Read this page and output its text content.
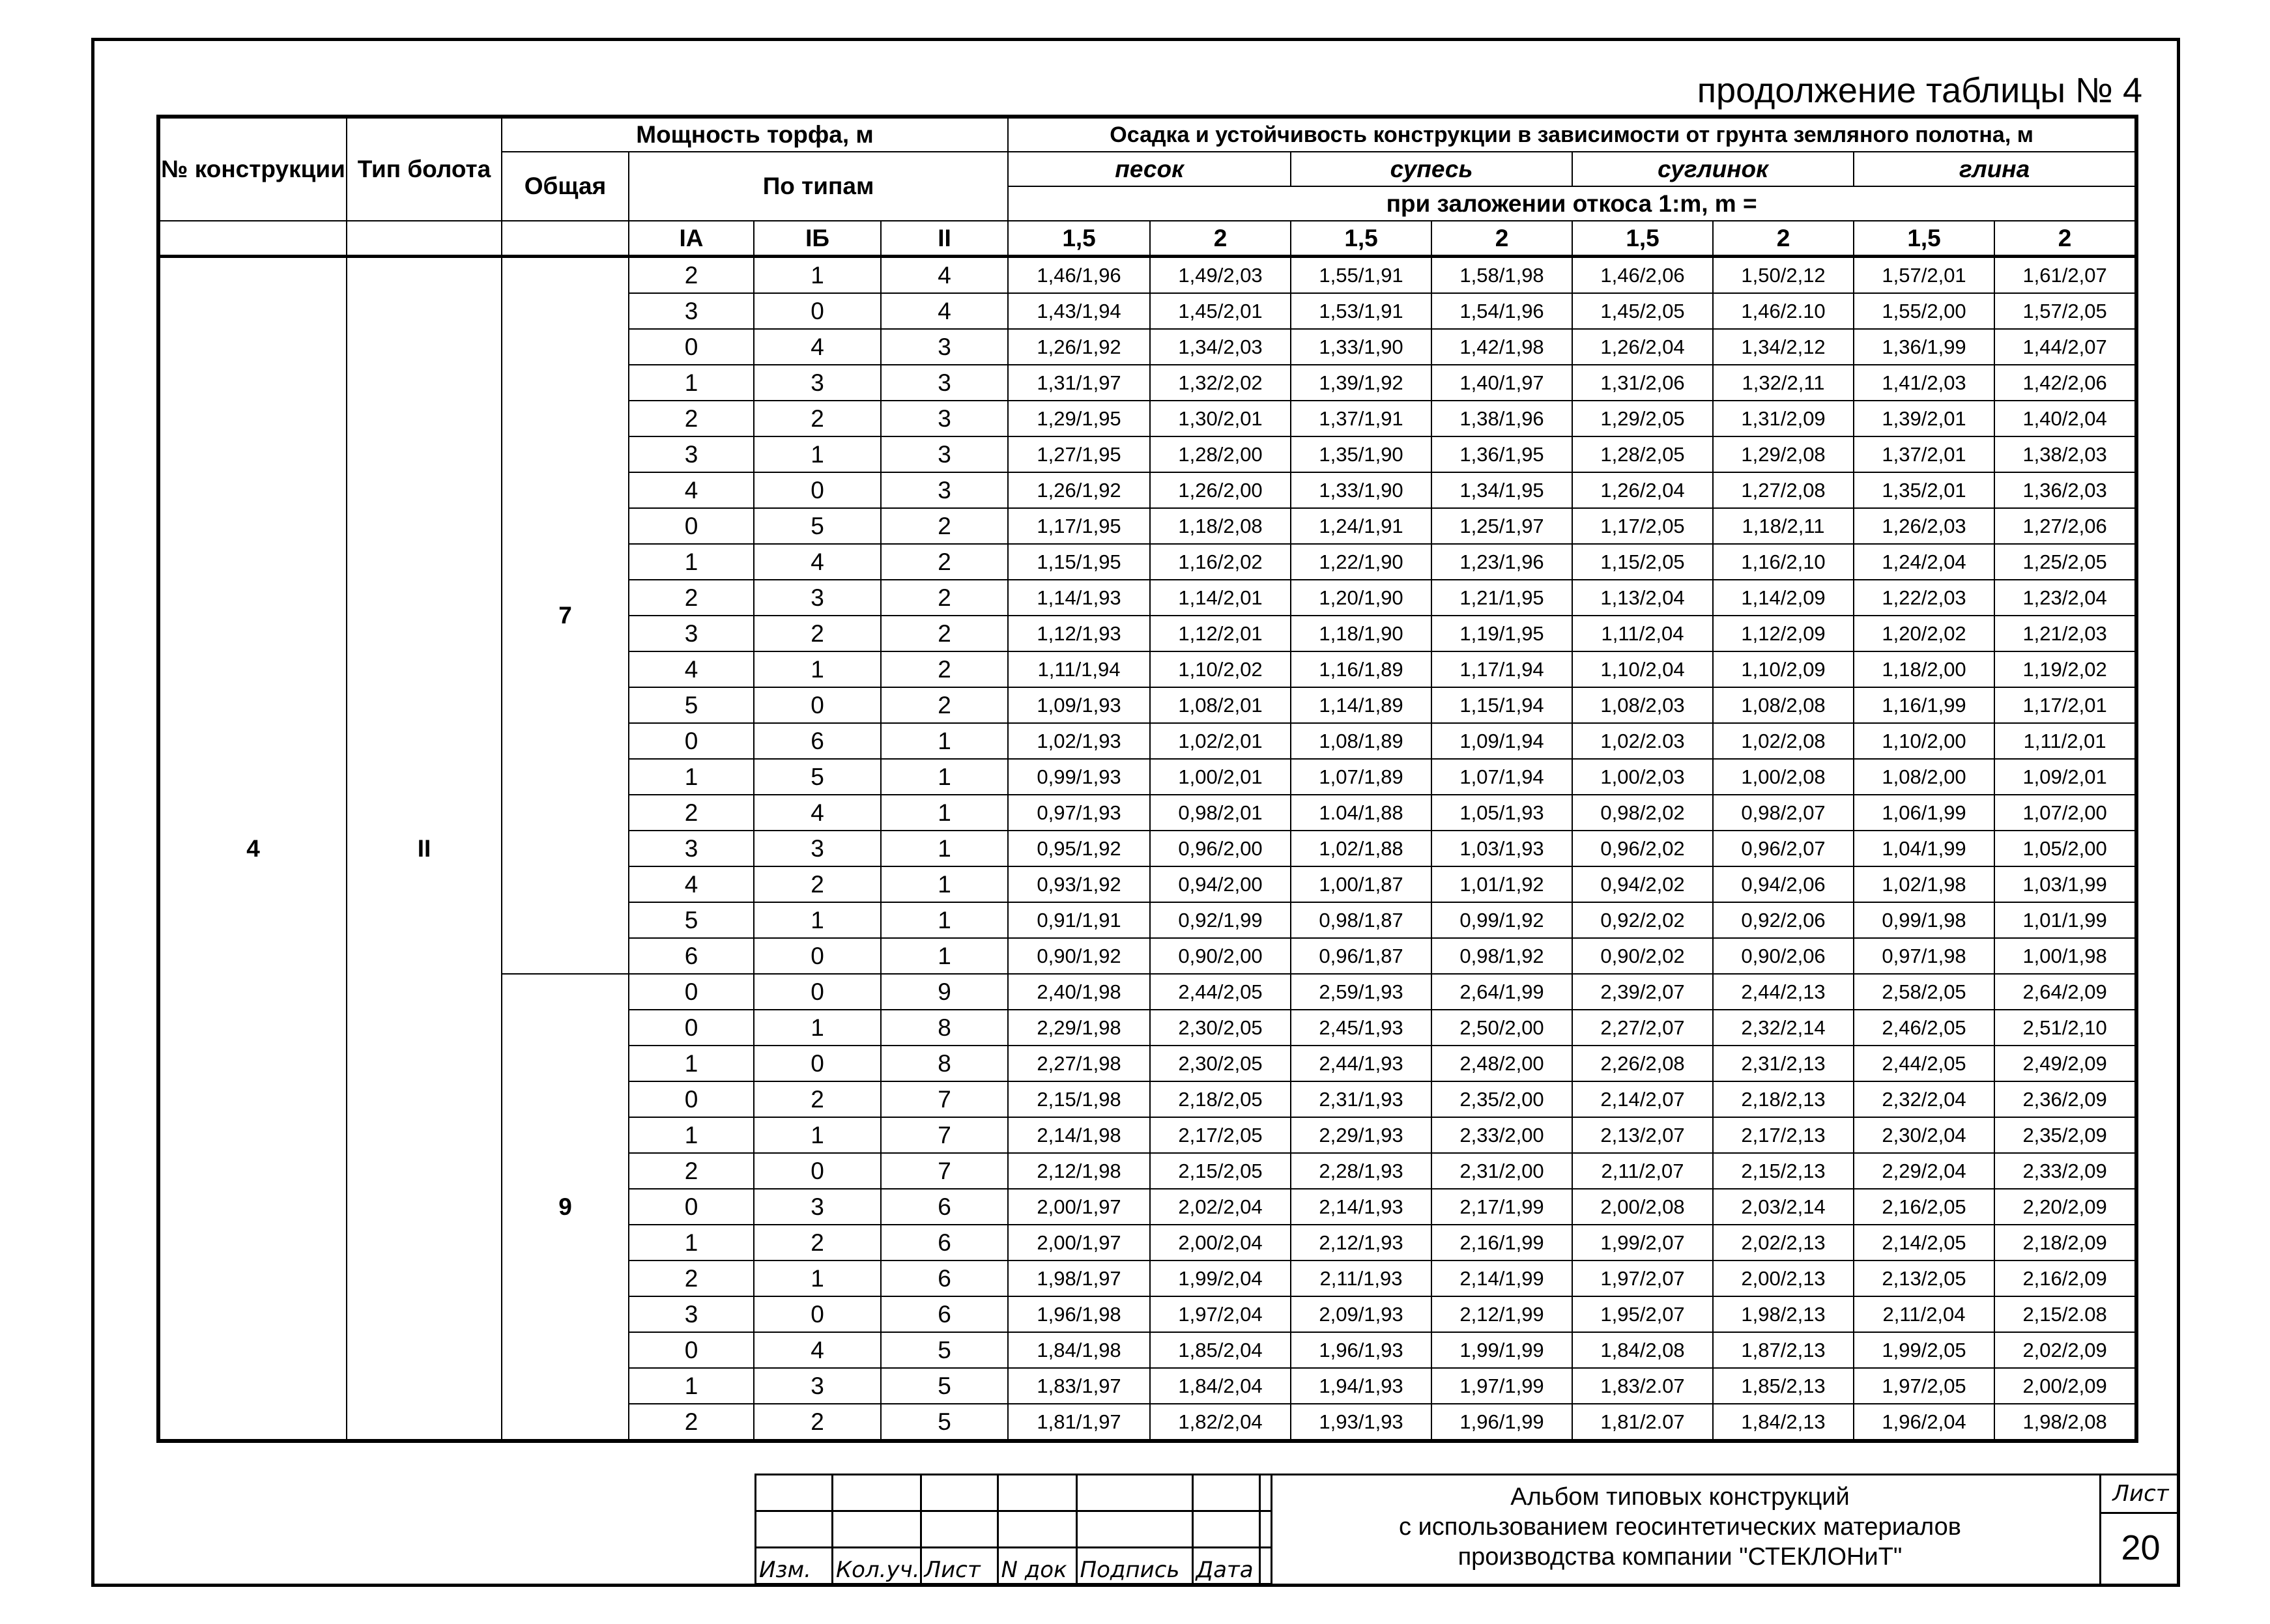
продолжение таблицы № 4
№ конструкции	Тип болота	Мощность торфа, м				Осадка и устойчивость конструкции в зависимости от грунта земляного полотна, м							
		Общая	По типам			песок		супесь		суглинок		глина	
						при заложении откоса 1:m, m =							
			IA	IБ	II	1,5	2	1,5	2	1,5	2	1,5	2
4	II	7	2	1	4	1,46/1,96	1,49/2,03	1,55/1,91	1,58/1,98	1,46/2,06	1,50/2,12	1,57/2,01	1,61/2,07
			3	0	4	1,43/1,94	1,45/2,01	1,53/1,91	1,54/1,96	1,45/2,05	1,46/2.10	1,55/2,00	1,57/2,05
			0	4	3	1,26/1,92	1,34/2,03	1,33/1,90	1,42/1,98	1,26/2,04	1,34/2,12	1,36/1,99	1,44/2,07
			1	3	3	1,31/1,97	1,32/2,02	1,39/1,92	1,40/1,97	1,31/2,06	1,32/2,11	1,41/2,03	1,42/2,06
			2	2	3	1,29/1,95	1,30/2,01	1,37/1,91	1,38/1,96	1,29/2,05	1,31/2,09	1,39/2,01	1,40/2,04
			3	1	3	1,27/1,95	1,28/2,00	1,35/1,90	1,36/1,95	1,28/2,05	1,29/2,08	1,37/2,01	1,38/2,03
			4	0	3	1,26/1,92	1,26/2,00	1,33/1,90	1,34/1,95	1,26/2,04	1,27/2,08	1,35/2,01	1,36/2,03
			0	5	2	1,17/1,95	1,18/2,08	1,24/1,91	1,25/1,97	1,17/2,05	1,18/2,11	1,26/2,03	1,27/2,06
			1	4	2	1,15/1,95	1,16/2,02	1,22/1,90	1,23/1,96	1,15/2,05	1,16/2,10	1,24/2,04	1,25/2,05
			2	3	2	1,14/1,93	1,14/2,01	1,20/1,90	1,21/1,95	1,13/2,04	1,14/2,09	1,22/2,03	1,23/2,04
			3	2	2	1,12/1,93	1,12/2,01	1,18/1,90	1,19/1,95	1,11/2,04	1,12/2,09	1,20/2,02	1,21/2,03
			4	1	2	1,11/1,94	1,10/2,02	1,16/1,89	1,17/1,94	1,10/2,04	1,10/2,09	1,18/2,00	1,19/2,02
			5	0	2	1,09/1,93	1,08/2,01	1,14/1,89	1,15/1,94	1,08/2,03	1,08/2,08	1,16/1,99	1,17/2,01
			0	6	1	1,02/1,93	1,02/2,01	1,08/1,89	1,09/1,94	1,02/2.03	1,02/2,08	1,10/2,00	1,11/2,01
			1	5	1	0,99/1,93	1,00/2,01	1,07/1,89	1,07/1,94	1,00/2,03	1,00/2,08	1,08/2,00	1,09/2,01
			2	4	1	0,97/1,93	0,98/2,01	1.04/1,88	1,05/1,93	0,98/2,02	0,98/2,07	1,06/1,99	1,07/2,00
			3	3	1	0,95/1,92	0,96/2,00	1,02/1,88	1,03/1,93	0,96/2,02	0,96/2,07	1,04/1,99	1,05/2,00
			4	2	1	0,93/1,92	0,94/2,00	1,00/1,87	1,01/1,92	0,94/2,02	0,94/2,06	1,02/1,98	1,03/1,99
			5	1	1	0,91/1,91	0,92/1,99	0,98/1,87	0,99/1,92	0,92/2,02	0,92/2,06	0,99/1,98	1,01/1,99
			6	0	1	0,90/1,92	0,90/2,00	0,96/1,87	0,98/1,92	0,90/2,02	0,90/2,06	0,97/1,98	1,00/1,98
		9	0	0	9	2,40/1,98	2,44/2,05	2,59/1,93	2,64/1,99	2,39/2,07	2,44/2,13	2,58/2,05	2,64/2,09
			0	1	8	2,29/1,98	2,30/2,05	2,45/1,93	2,50/2,00	2,27/2,07	2,32/2,14	2,46/2,05	2,51/2,10
			1	0	8	2,27/1,98	2,30/2,05	2,44/1,93	2,48/2,00	2,26/2,08	2,31/2,13	2,44/2,05	2,49/2,09
			0	2	7	2,15/1,98	2,18/2,05	2,31/1,93	2,35/2,00	2,14/2,07	2,18/2,13	2,32/2,04	2,36/2,09
			1	1	7	2,14/1,98	2,17/2,05	2,29/1,93	2,33/2,00	2,13/2,07	2,17/2,13	2,30/2,04	2,35/2,09
			2	0	7	2,12/1,98	2,15/2,05	2,28/1,93	2,31/2,00	2,11/2,07	2,15/2,13	2,29/2,04	2,33/2,09
			0	3	6	2,00/1,97	2,02/2,04	2,14/1,93	2,17/1,99	2,00/2,08	2,03/2,14	2,16/2,05	2,20/2,09
			1	2	6	2,00/1,97	2,00/2,04	2,12/1,93	2,16/1,99	1,99/2,07	2,02/2,13	2,14/2,05	2,18/2,09
			2	1	6	1,98/1,97	1,99/2,04	2,11/1,93	2,14/1,99	1,97/2,07	2,00/2,13	2,13/2,05	2,16/2,09
			3	0	6	1,96/1,98	1,97/2,04	2,09/1,93	2,12/1,99	1,95/2,07	1,98/2,13	2,11/2,04	2,15/2.08
			0	4	5	1,84/1,98	1,85/2,04	1,96/1,93	1,99/1,99	1,84/2,08	1,87/2,13	1,99/2,05	2,02/2,09
			1	3	5	1,83/1,97	1,84/2,04	1,94/1,93	1,97/1,99	1,83/2.07	1,85/2,13	1,97/2,05	2,00/2,09
			2	2	5	1,81/1,97	1,82/2,04	1,93/1,93	1,96/1,99	1,81/2.07	1,84/2,13	1,96/2,04	1,98/2,08

Изм.	Кол.уч.	Лист	N док	Подпись	Дата
Альбом типовых конструкций
с использованием геосинтетических материалов
производства компании "СТЕКЛОНиТ"
Лист
20
